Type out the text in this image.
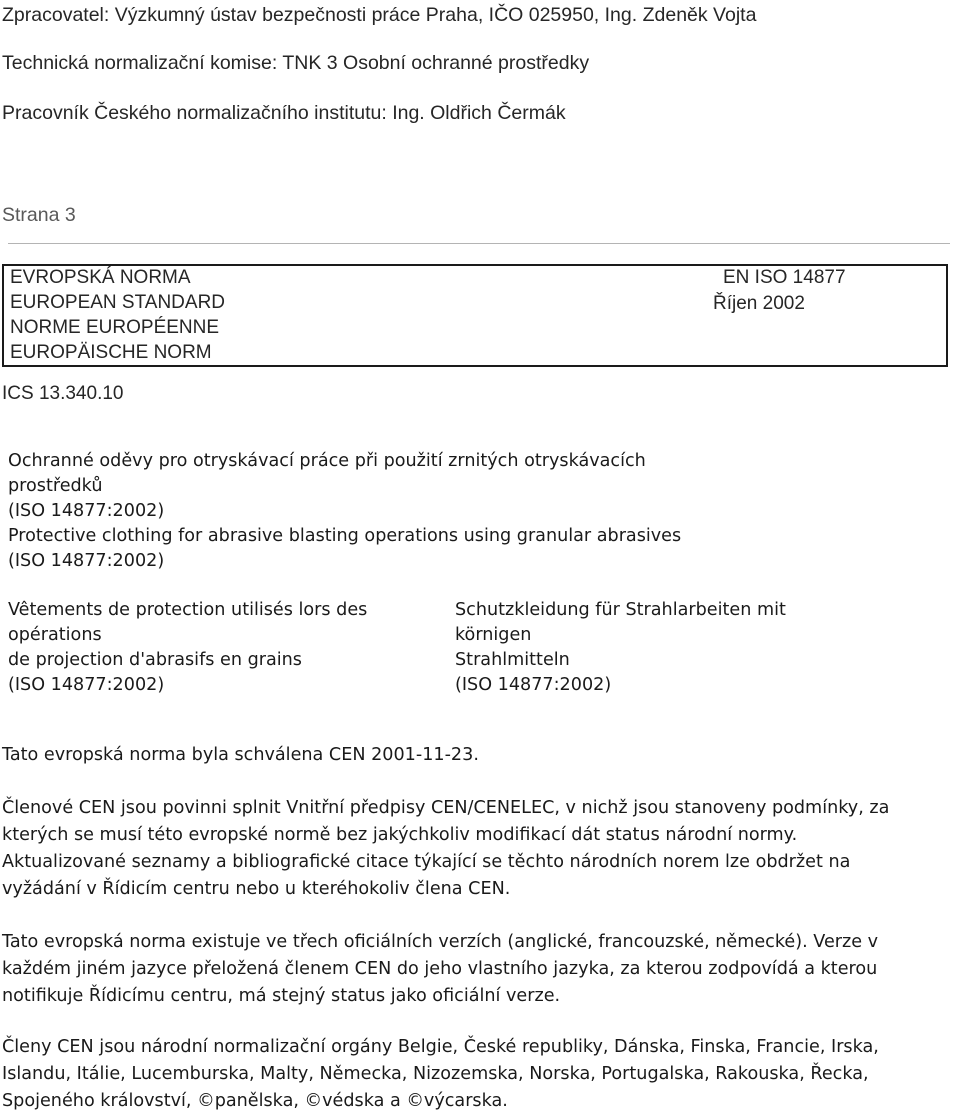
Zpracovatel: Výzkumný ústav bezpečnosti práce Praha, IČO 025950, Ing. Zdeněk Vojta
Technická normalizační komise: TNK 3 Osobní ochranné prostředky
Pracovník Českého normalizačního institutu: Ing. Oldřich Čermák
Strana 3
EVROPSKÁ NORMA
EUROPEAN STANDARD
NORME EUROPÉENNE
EUROPÄISCHE NORM
EN ISO 14877
Říjen 2002
ICS 13.340.10
Ochranné oděvy pro otryskávací práce při použití zrnitých otryskávacích
prostředků
(ISO 14877:2002)
Protective clothing for abrasive blasting operations using granular abrasives
(ISO 14877:2002)
Vêtements de protection utilisés lors des
opérations
de projection d'abrasifs en grains
(ISO 14877:2002)
Schutzkleidung für Strahlarbeiten mit
körnigen
Strahlmitteln
(ISO 14877:2002)
Tato evropská norma byla schválena CEN 2001-11-23.

Členové CEN jsou povinni splnit Vnitřní předpisy CEN/CENELEC, v nichž jsou stanoveny podmínky, za

kterých se musí této evropské normě bez jakýchkoliv modifikací dát status národní normy.

Aktualizované seznamy a bibliografické citace týkající se těchto národních norem lze obdržet na

vyžádání v Řídicím centru nebo u kteréhokoliv člena CEN.

Tato evropská norma existuje ve třech oficiálních verzích (anglické, francouzské, německé). Verze v

každém jiném jazyce přeložená členem CEN do jeho vlastního jazyka, za kterou zodpovídá a kterou

notifikuje Řídicímu centru, má stejný status jako oficiální verze.

Členy CEN jsou národní normalizační orgány Belgie, České republiky, Dánska, Finska, Francie, Irska,

Islandu, Itálie, Lucemburska, Malty, Německa, Nizozemska, Norska, Portugalska, Rakouska, Řecka,

Spojeného království, ©panělska, ©védska a ©výcarska.
